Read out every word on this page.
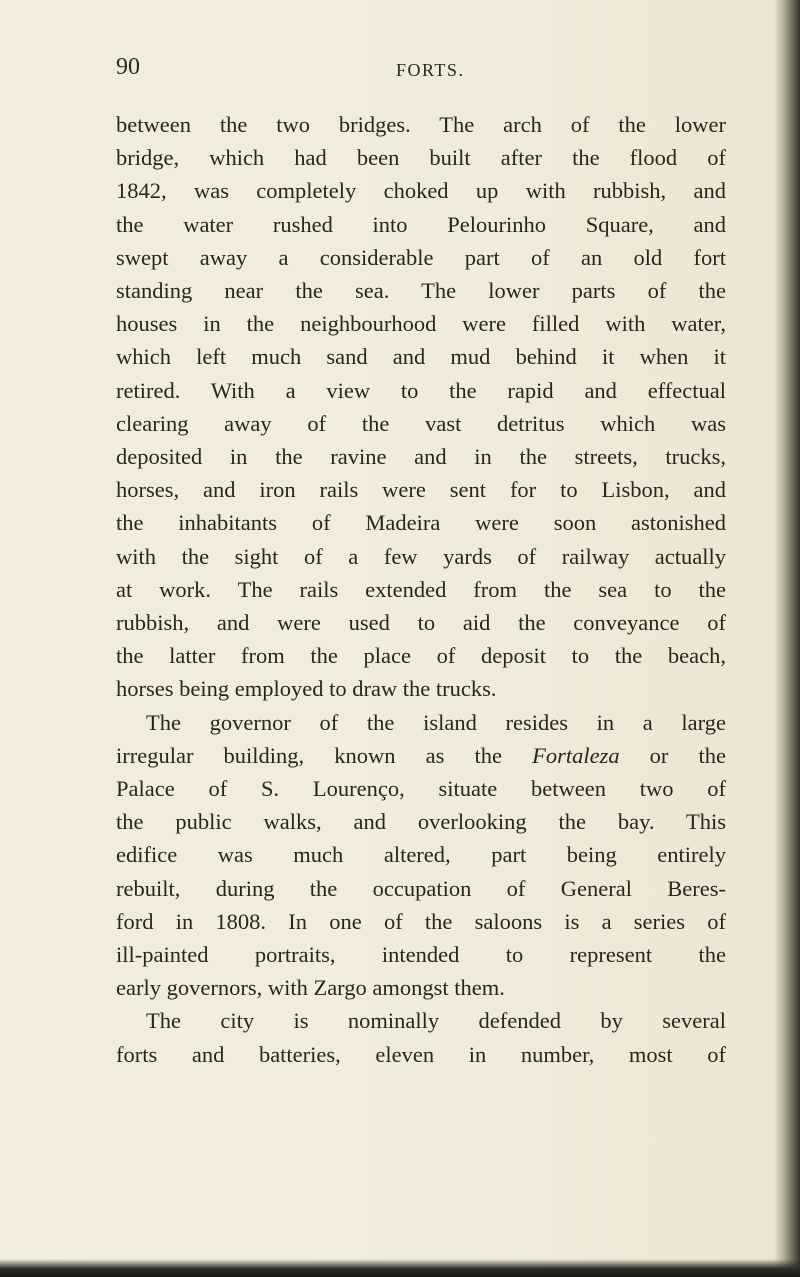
90	FORTS.
between the two bridges. The arch of the lower
bridge, which had been built after the flood of
1842, was completely choked up with rubbish, and
the water rushed into Pelourinho Square, and
swept away a considerable part of an old fort
standing near the sea. The lower parts of the
houses in the neighbourhood were filled with water,
which left much sand and mud behind it when it
retired. With a view to the rapid and effectual
clearing away of the vast detritus which was
deposited in the ravine and in the streets, trucks,
horses, and iron rails were sent for to Lisbon, and
the inhabitants of Madeira were soon astonished
with the sight of a few yards of railway actually
at work. The rails extended from the sea to the
rubbish, and were used to aid the conveyance of
the latter from the place of deposit to the beach,
horses being employed to draw the trucks.
The governor of the island resides in a large
irregular building, known as the Fortaleza or the
Palace of S. Lourenço, situate between two of
the public walks, and overlooking the bay. This
edifice was much altered, part being entirely
rebuilt, during the occupation of General Beres-
ford in 1808. In one of the saloons is a series of
ill-painted portraits, intended to represent the
early governors, with Zargo amongst them.
The city is nominally defended by several
forts and batteries, eleven in number, most of
